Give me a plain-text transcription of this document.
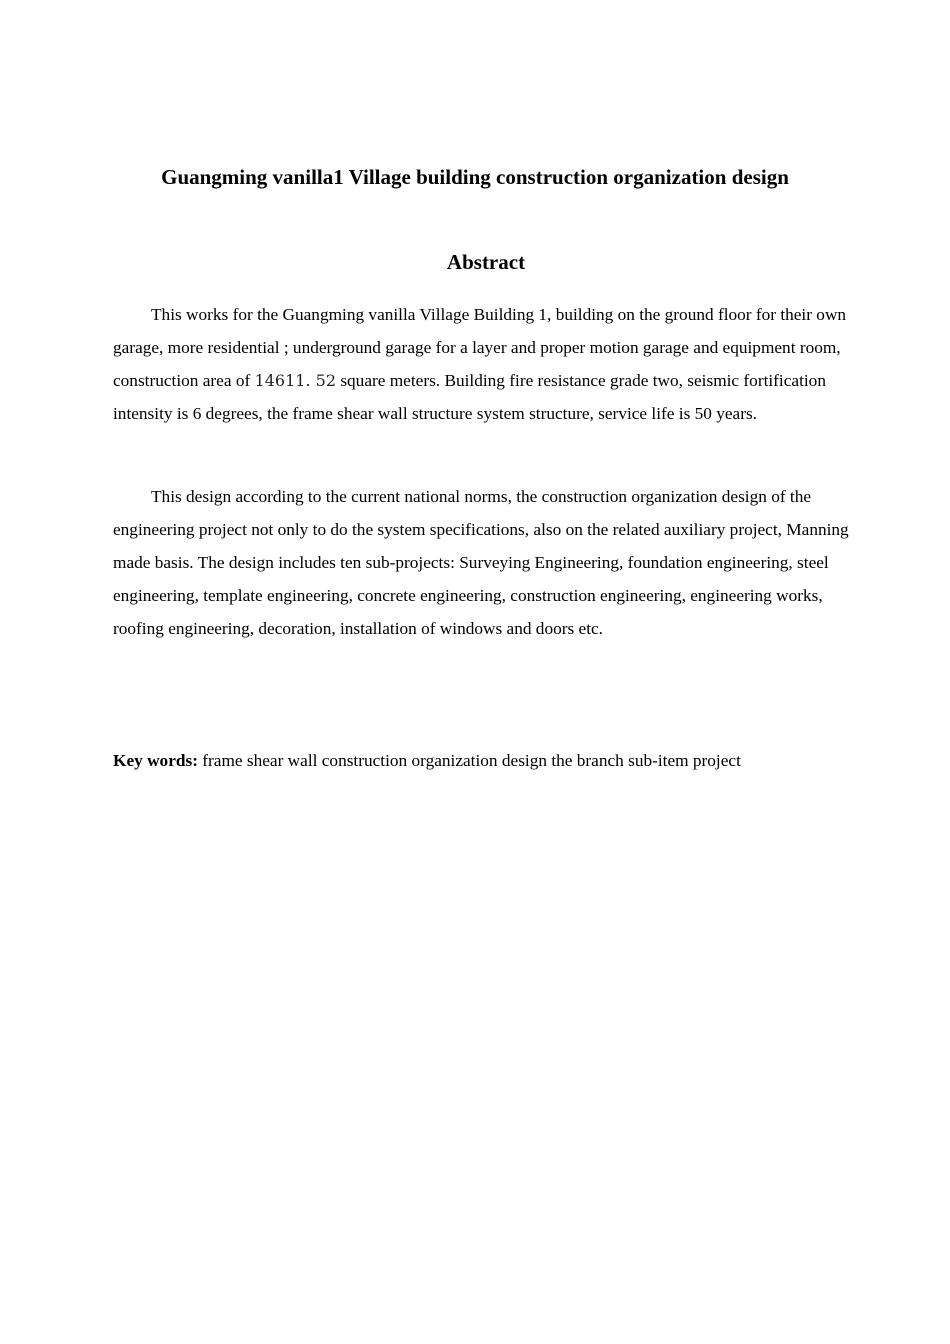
Guangming vanilla1 Village building construction organization design
Abstract

This works for the Guangming vanilla Village Building 1, building on the ground floor for their own garage, more residential ; underground garage for a layer and proper motion garage and equipment room, construction area of 14611. 52 square meters. Building fire resistance grade two, seismic fortification intensity is 6 degrees, the frame shear wall structure system structure, service life is 50 years.

This design according to the current national norms, the construction organization design of the engineering project not only to do the system specifications, also on the related auxiliary project, Manning made basis. The design includes ten sub-projects: Surveying Engineering, foundation engineering, steel engineering, template engineering, concrete engineering, construction engineering, engineering works, roofing engineering, decoration, installation of windows and doors etc.

Key words: frame shear wall construction organization design the branch sub-item project
